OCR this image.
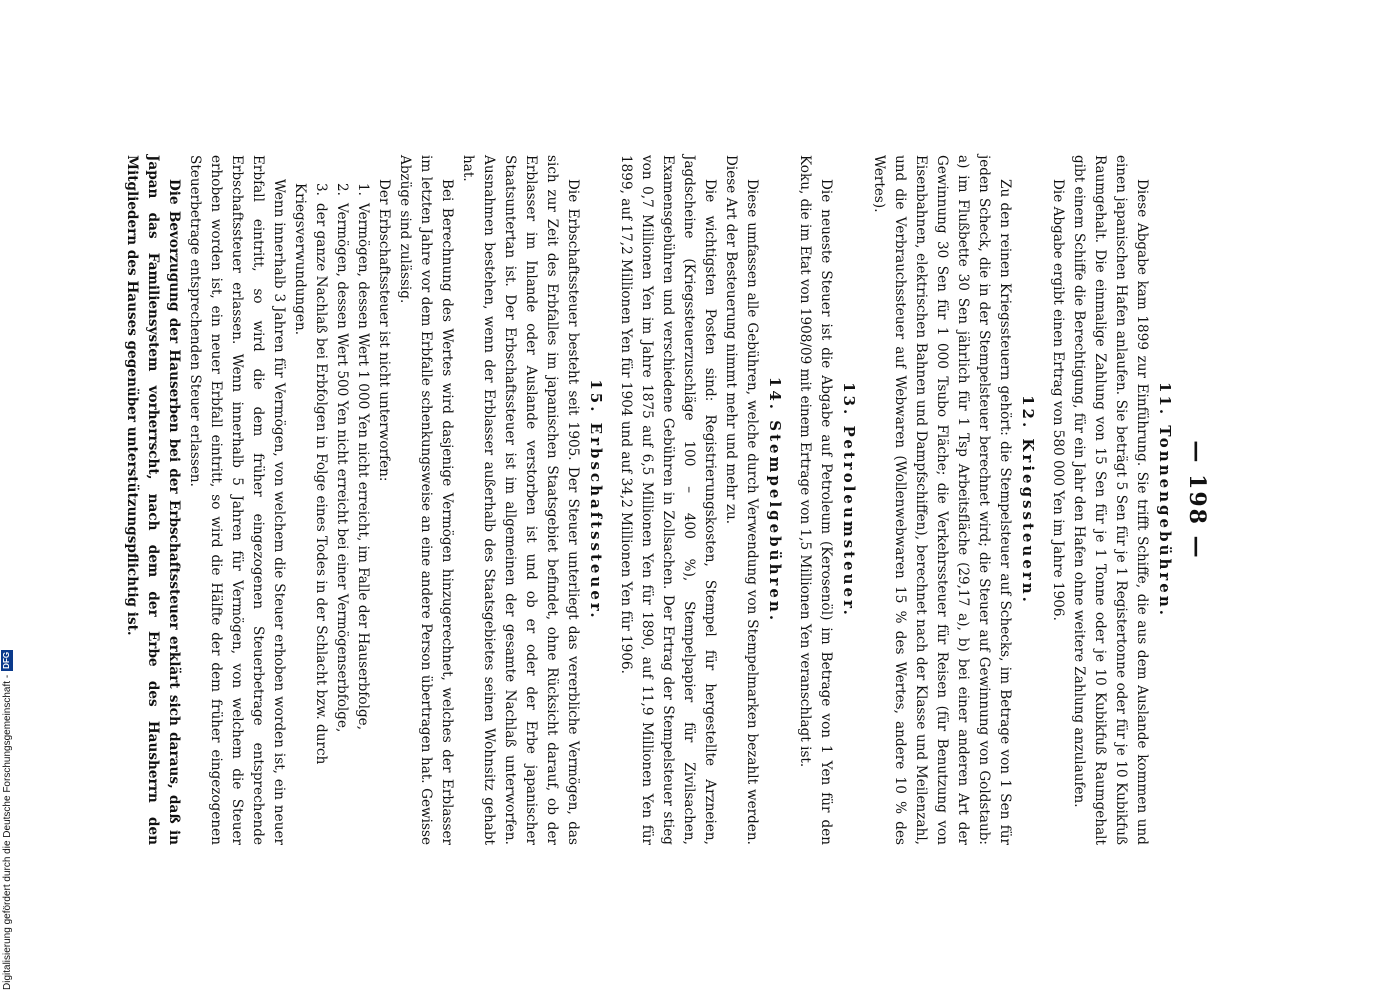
— 198 —
11. Tonnengebühren.

Diese Abgabe kam 1899 zur Einführung. Sie trifft Schiffe, die aus dem Auslande kommen und einen japanischen Hafen anlaufen. Sie beträgt 5 Sen für je 1 Registertonne oder für je 10 Kubikfuß Raumgehalt. Die einmalige Zahlung von 15 Sen für je 1 Tonne oder je 10 Kubikfuß Raumgehalt gibt einem Schiffe die Berechtigung, für ein Jahr den Hafen ohne weitere Zahlung anzulaufen.

Die Abgabe ergibt einen Ertrag von 580 000 Yen im Jahre 1906.

12. Kriegssteuern.

Zu den reinen Kriegssteuern gehört: die Stempelsteuer auf Schecks, im Betrage von 1 Sen für jeden Scheck, die in der Stempelsteuer berechnet wird; die Steuer auf Gewinnung von Goldstaub: a) im Flußbette 30 Sen jährlich für 1 Tsp Arbeitsfläche (29,17 a), b) bei einer anderen Art der Gewinnung 30 Sen für 1 000 Tsubo Fläche; die Verkehrssteuer für Reisen (für Benutzung von Eisenbahnen, elektrischen Bahnen und Dampfschiffen), berechnet nach der Klasse und Meilenzahl, und die Verbrauchssteuer auf Webwaren (Wollenwebwaren 15 % des Wertes, andere 10 % des Wertes).

13. Petroleumsteuer.

Die neueste Steuer ist die Abgabe auf Petroleum (Kerosenöl) im Betrage von 1 Yen für den Koku, die im Etat von 1908/09 mit einem Ertrage von 1,5 Millionen Yen veranschlagt ist.

14. Stempelgebühren.

Diese umfassen alle Gebühren, welche durch Verwendung von Stempelmarken bezahlt werden. Diese Art der Besteuerung nimmt mehr und mehr zu.

Die wichtigsten Posten sind: Registrierungskosten, Stempel für hergestellte Arzneien, Jagdscheine (Kriegssteuerzuschläge 100 – 400 %), Stempelpapier für Zivilsachen, Examensgebühren und verschiedene Gebühren in Zollsachen. Der Ertrag der Stempelsteuer stieg von 0,7 Millionen Yen im Jahre 1875 auf 6,5 Millionen Yen für 1890, auf 11,9 Millionen Yen für 1899, auf 17,2 Millionen Yen für 1904 und auf 34,2 Millionen Yen für 1906.

15. Erbschaftssteuer.

Die Erbschaftssteuer besteht seit 1905. Der Steuer unterliegt das vererbliche Vermögen, das sich zur Zeit des Erbfalles im japanischen Staatsgebiet befindet, ohne Rücksicht darauf, ob der Erblasser im Inlande oder Auslande verstorben ist und ob er oder der Erbe japanischer Staatsuntertan ist. Der Erbschaftssteuer ist im allgemeinen der gesamte Nachlaß unterworfen. Ausnahmen bestehen, wenn der Erblasser außerhalb des Staatsgebietes seinen Wohnsitz gehabt hat.

Bei Berechnung des Wertes wird dasjenige Vermögen hinzugerechnet, welches der Erblasser im letzten Jahre vor dem Erbfalle schenkungsweise an eine andere Person übertragen hat. Gewisse Abzüge sind zulässig.

Der Erbschaftssteuer ist nicht unterworfen:

1.Vermögen, dessen Wert 1 000 Yen nicht erreicht, im Falle der Hauserbfolge,
2.Vermögen, dessen Wert 500 Yen nicht erreicht bei einer Vermögenserbfolge,
3.der ganze Nachlaß bei Erbfolgen in Folge eines Todes in der Schlacht bzw. durch

Kriegsverwundungen.

Wenn innerhalb 3 Jahren für Vermögen, von welchem die Steuer erhoben worden ist, ein neuer Erbfall eintritt, so wird die dem früher eingezogenen Steuerbetrage entsprechende Erbschaftssteuer erlassen. Wenn innerhalb 5 Jahren für Vermögen, von welchem die Steuer erhoben worden ist, ein neuer Erbfall eintritt, so wird die Hälfte der dem früher eingezogenen Steuerbetrage entsprechenden Steuer erlassen.

Die Bevorzugung der Hauserben bei der Erbschaftssteuer erklärt sich daraus, daß in Japan das Familiensystem vorherrscht, nach dem der Erbe des Hausherrn den Mitgliedern des Hauses gegenüber unterstützungspflichtig ist.

Digitalisierung gefördert durch die Deutsche Forschungsgemeinschaft -
DFG
